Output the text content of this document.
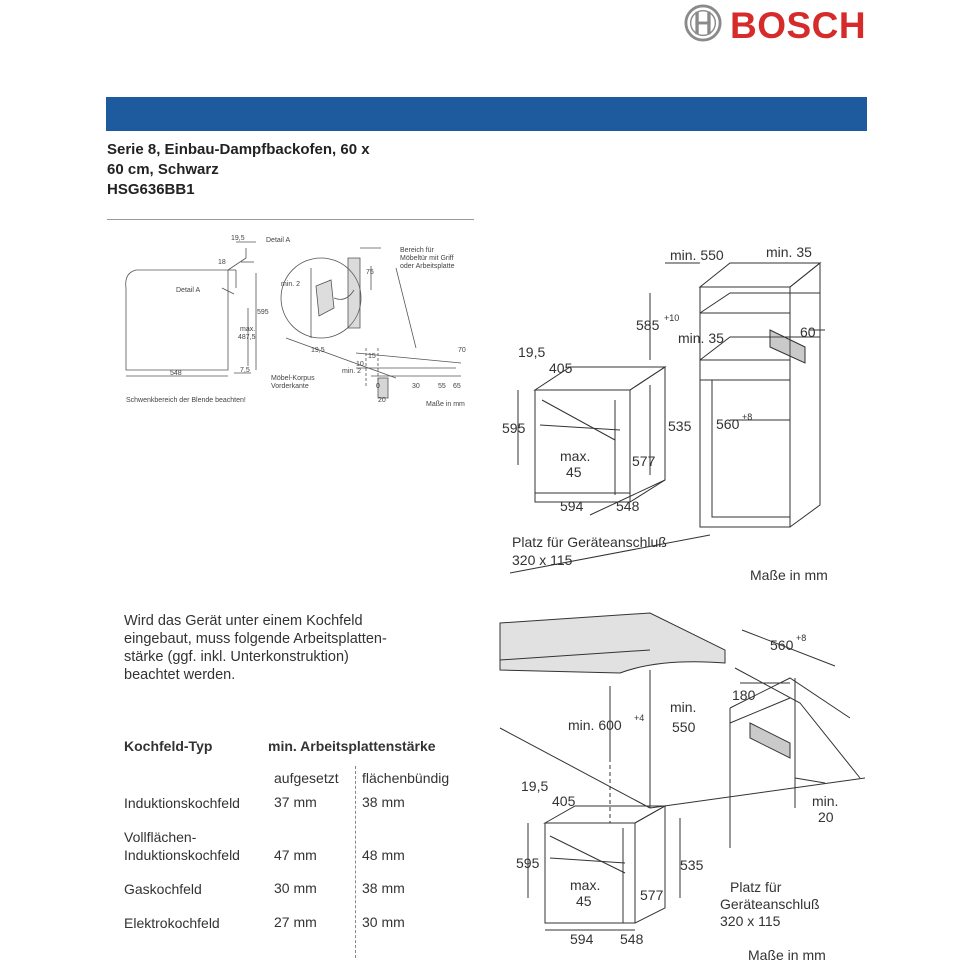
BOSCH
Serie 8, Einbau-Dampfbackofen, 60 x
60 cm, Schwarz
HSG636BB1
19,5
18
Detail A
Detail A
595
max.
487,5
7,5
548
min. 2
75
19,5
15
10
min. 2
70
0	30	55 65
20
Bereich für
Möbeltür mit Griff
oder Arbeitsplatte
Möbel-Korpus
Vorderkante
Schwenkbereich der Blende beachten!
Maße in mm
min. 550	min. 35
585 +10
min. 35	60
560 +8
19,5
405
595	535
max.
45
577
594 548
Platz für Geräteanschluß
320 x 115
Maße in mm
Wird das Gerät unter einem Kochfeld
eingebaut, muss folgende Arbeitsplatten-
stärke (ggf. inkl. Unterkonstruktion)
beachtet werden.
Kochfeld-Typ	min. Arbeitsplattenstärke
aufgesetzt flächenbündig
Induktionskochfeld 37 mm	38 mm
Vollflächen-
Induktionskochfeld 47 mm	48 mm
Gaskochfeld	30 mm	38 mm
Elektrokochfeld	27 mm	30 mm
560 +8
180
min.
550
min. 600 +4
19,5
405	min.
20
595	535
max.
45	577
594 548
Platz für
Geräteanschluß
320 x 115
Maße in mm
